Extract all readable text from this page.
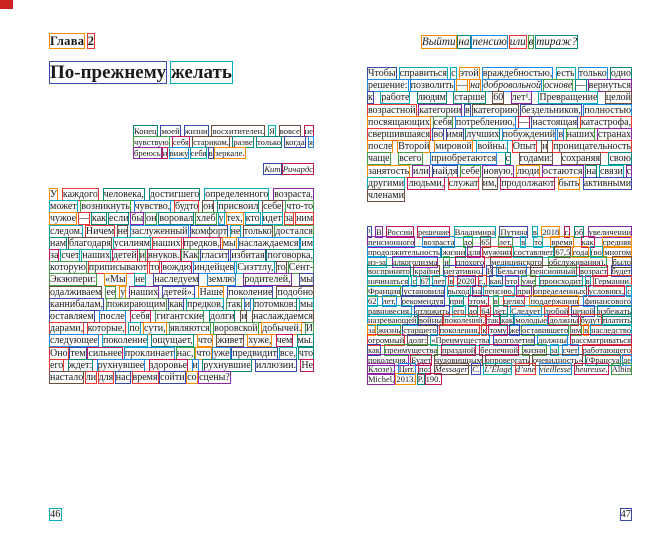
Глава 2
По-прежнему желать

Конец моей жизни восхитителен. Я вовсе не чувствую себя стариком, разве только когда я бреюсь и вижу себя в зеркале.

Кит Ричардс

У каждого человека, достигшего определенного возраста, может возникнуть чувство, будто он присвоил себе что-то чужое — как если бы он воровал хлеб у тех, кто идет за ним следом. Ничем не заслуженный комфорт не только достался нам благодаря усилиям наших предков, мы наслаждаемся им за счет наших детей и внуков. Как гласит избитая поговорка, которую приписывают то вождю индейцев Сиэттлу, то Сент-Экзюпери: «Мы не наследуем землю родителей, мы одалживаем ее у наших детей». Наше поколение подобно каннибалам, пожирающим как предков, так и потомков: мы оставляем после себя гигантские долги и наслаждаемся дарами, которые, по сути, являются воровской добычей. И следующее поколение ощущает, что живет хуже, чем мы. Оно тем сильнее проклинает нас, что уже предвидит все, что его ждет: рухнувшее здоровье и рухнувшие иллюзии. Не настало ли для нас время сойти со сцены?

46
Выйти на пенсию или в тираж?

Чтобы справиться с этой враждебностью, есть только одно решение: позволить — на добровольной основе — вернуться к работе людям старше 60 лет¹. Превращение целой возрастной категории в категорию бездельников, полностью посвящающих себя потреблению, — настоящая катастрофа, свершившаяся во имя лучших побуждений в наших странах после Второй мировой войны. Опыт и проницательность чаще всего приобретаются с годами: сохраняя свою занятость или найдя себе новую, люди остаются на связи с другими людьми, служат им, продолжают быть активными членами

¹ В России решение Владимира Путина в 2018 г. об увеличении пенсионного возраста до 65 лет, в то время как средняя продолжительность жизни для мужчин составляет 67,5 года (во многом из-за алкоголизма и плохого медицинского обслуживания), было воспринято крайне негативно. В Бельгии пенсионный возраст будет начинаться с 67 лет в 2020 г., как это уже происходит в Германии. Франция установила выход на пенсию, при определенных условиях, с 62 лет, рекомендуя при этом, в целях поддержания финансового равновесия, отложить его до 64 лет. Следует любой ценой избежать назревающей войны поколений, так как молодые должны будут платить за жизнь старшего поколения, к тому же оставившего им в наследство огромный долг: «Преимущества долголетия должны рассматриваться как преимущества праздной беспечной жизни за счет работающего поколения. Будет чудовищным опровергать очевидность» (Франсуа де Клозе). Цит. по: Messager C. L’Eloge d’une vieillesse heureuse. Albin Michel, 2013. P. 190.

47
